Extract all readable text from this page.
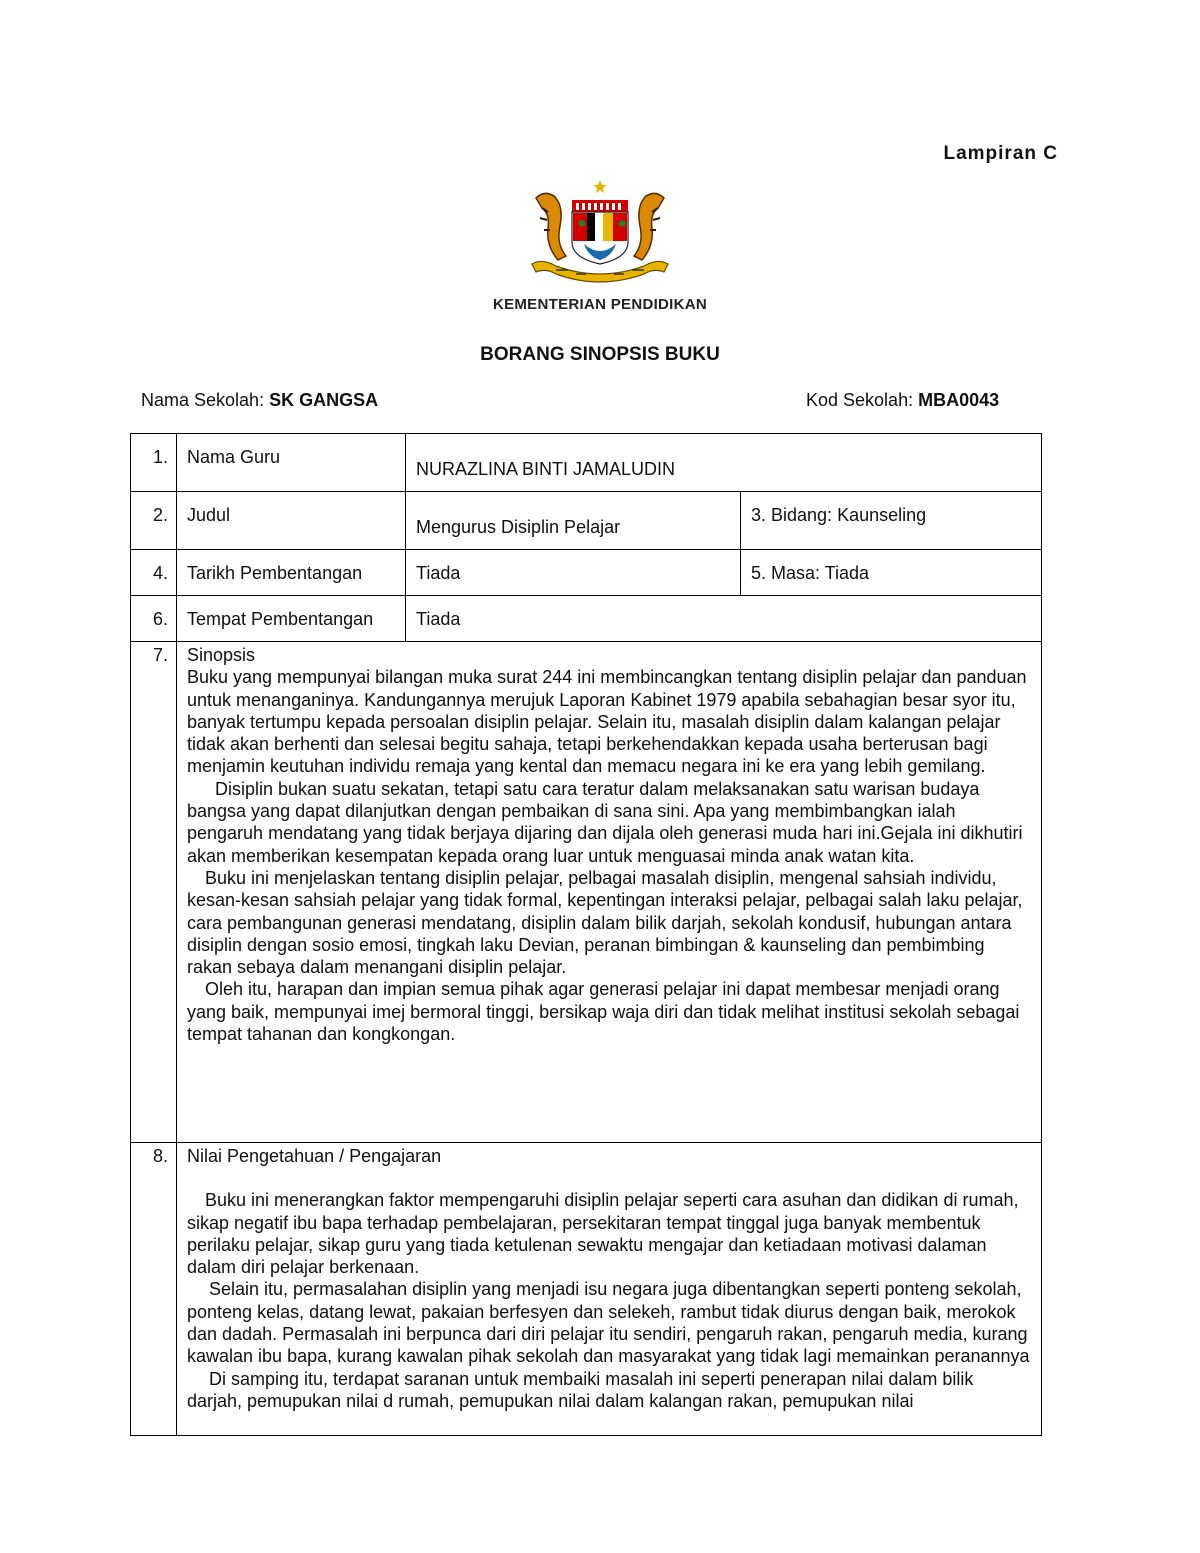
Lampiran C
KEMENTERIAN PENDIDIKAN
BORANG SINOPSIS BUKU
Nama Sekolah: SK GANGSA	Kod Sekolah: MBA0043
1.	Nama Guru	NURAZLINA BINTI JAMALUDIN	
2.	Judul	Mengurus Disiplin Pelajar	3. Bidang: Kaunseling
4.	Tarikh Pembentangan	Tiada	5. Masa: Tiada
6.	Tempat Pembentangan	Tiada	
7.	Sinopsis
Buku yang mempunyai bilangan muka surat 244 ini membincangkan tentang disiplin pelajar dan panduan untuk menanganinya. Kandungannya merujuk Laporan Kabinet 1979 apabila sebahagian besar syor itu, banyak tertumpu kepada persoalan disiplin pelajar. Selain itu, masalah disiplin dalam kalangan pelajar tidak akan berhenti dan selesai begitu sahaja, tetapi berkehendakkan kepada usaha berterusan bagi menjamin keutuhan individu remaja yang kental dan memacu negara ini ke era yang lebih gemilang.
Disiplin bukan suatu sekatan, tetapi satu cara teratur dalam melaksanakan satu warisan budaya bangsa yang dapat dilanjutkan dengan pembaikan di sana sini. Apa yang membimbangkan ialah pengaruh mendatang yang tidak berjaya dijaring dan dijala oleh generasi muda hari ini.Gejala ini dikhutiri akan memberikan kesempatan kepada orang luar untuk menguasai minda anak watan kita.
Buku ini menjelaskan tentang disiplin pelajar, pelbagai masalah disiplin, mengenal sahsiah individu, kesan-kesan sahsiah pelajar yang tidak formal, kepentingan interaksi pelajar, pelbagai salah laku pelajar, cara pembangunan generasi mendatang, disiplin dalam bilik darjah, sekolah kondusif, hubungan antara disiplin dengan sosio emosi, tingkah laku Devian, peranan bimbingan & kaunseling dan pembimbing rakan sebaya dalam menangani disiplin pelajar.
Oleh itu, harapan dan impian semua pihak agar generasi pelajar ini dapat membesar menjadi orang yang baik, mempunyai imej bermoral tinggi, bersikap waja diri dan tidak melihat institusi sekolah sebagai tempat tahanan dan kongkongan.		

8.	Nilai Pengetahuan / Pengajaran
Buku ini menerangkan faktor mempengaruhi disiplin pelajar seperti cara asuhan dan didikan di rumah, sikap negatif ibu bapa terhadap pembelajaran, persekitaran tempat tinggal juga banyak membentuk perilaku pelajar, sikap guru yang tiada ketulenan sewaktu mengajar dan ketiadaan motivasi dalaman dalam diri pelajar berkenaan.
Selain itu, permasalahan disiplin yang menjadi isu negara juga dibentangkan seperti ponteng sekolah, ponteng kelas, datang lewat, pakaian berfesyen dan selekeh, rambut tidak diurus dengan baik, merokok dan dadah. Permasalah ini berpunca dari diri pelajar itu sendiri, pengaruh rakan, pengaruh media, kurang kawalan ibu bapa, kurang kawalan pihak sekolah dan masyarakat yang tidak lagi memainkan peranannya
Di samping itu, terdapat saranan untuk membaiki masalah ini seperti penerapan nilai dalam bilik darjah, pemupukan nilai d rumah, pemupukan nilai dalam kalangan rakan, pemupukan nilai		
